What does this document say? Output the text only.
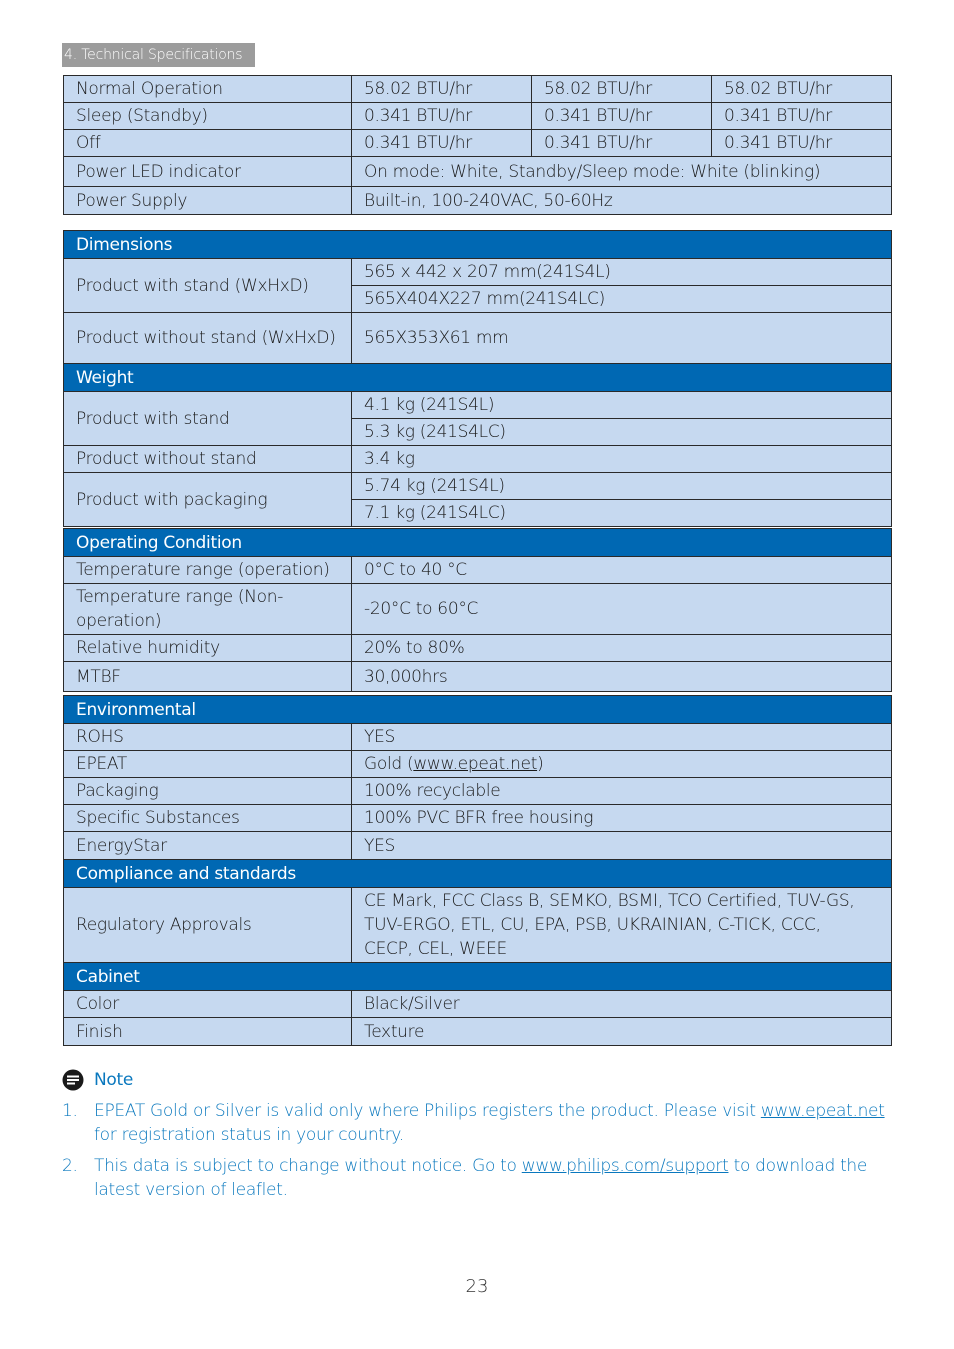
4. Technical Specifications
Normal Operation	58.02 BTU/hr	58.02 BTU/hr	58.02 BTU/hr
Sleep (Standby)	0.341 BTU/hr	0.341 BTU/hr	0.341 BTU/hr
Off	0.341 BTU/hr	0.341 BTU/hr	0.341 BTU/hr
Power LED indicator	On mode: White, Standby/Sleep mode: White (blinking)		
Power Supply	Built-in, 100-240VAC, 50-60Hz		
Dimensions	
Product with stand (WxHxD)	565 x 442 x 207 mm(241S4L)
	565X404X227 mm(241S4LC)
Product without stand (WxHxD)	565X353X61 mm
Weight	
Product with stand	4.1 kg (241S4L)
	5.3 kg (241S4LC)
Product without stand	3.4 kg
Product with packaging	5.74 kg (241S4L)
	7.1 kg (241S4LC)
Operating Condition	
Temperature range (operation)	0°C to 40 °C
Temperature range (Non-operation)	-20°C to 60°C
Relative humidity	20% to 80%
MTBF	30,000hrs
Environmental	
ROHS	YES
EPEAT	Gold (www.epeat.net)
Packaging	100% recyclable
Specific Substances	100% PVC BFR free housing
EnergyStar	YES
Compliance and standards	
Regulatory Approvals	CE Mark, FCC Class B, SEMKO, BSMI, TCO Certified, TUV-GS, TUV-ERGO, ETL, CU, EPA, PSB, UKRAINIAN, C-TICK, CCC, CECP, CEL, WEEE
Cabinet	
Color	Black/Silver
Finish	Texture
Note
1. EPEAT Gold or Silver is valid only where Philips registers the product. Please visit www.epeat.net for registration status in your country.
2. This data is subject to change without notice. Go to www.philips.com/support to download the latest version of leaflet.
23
